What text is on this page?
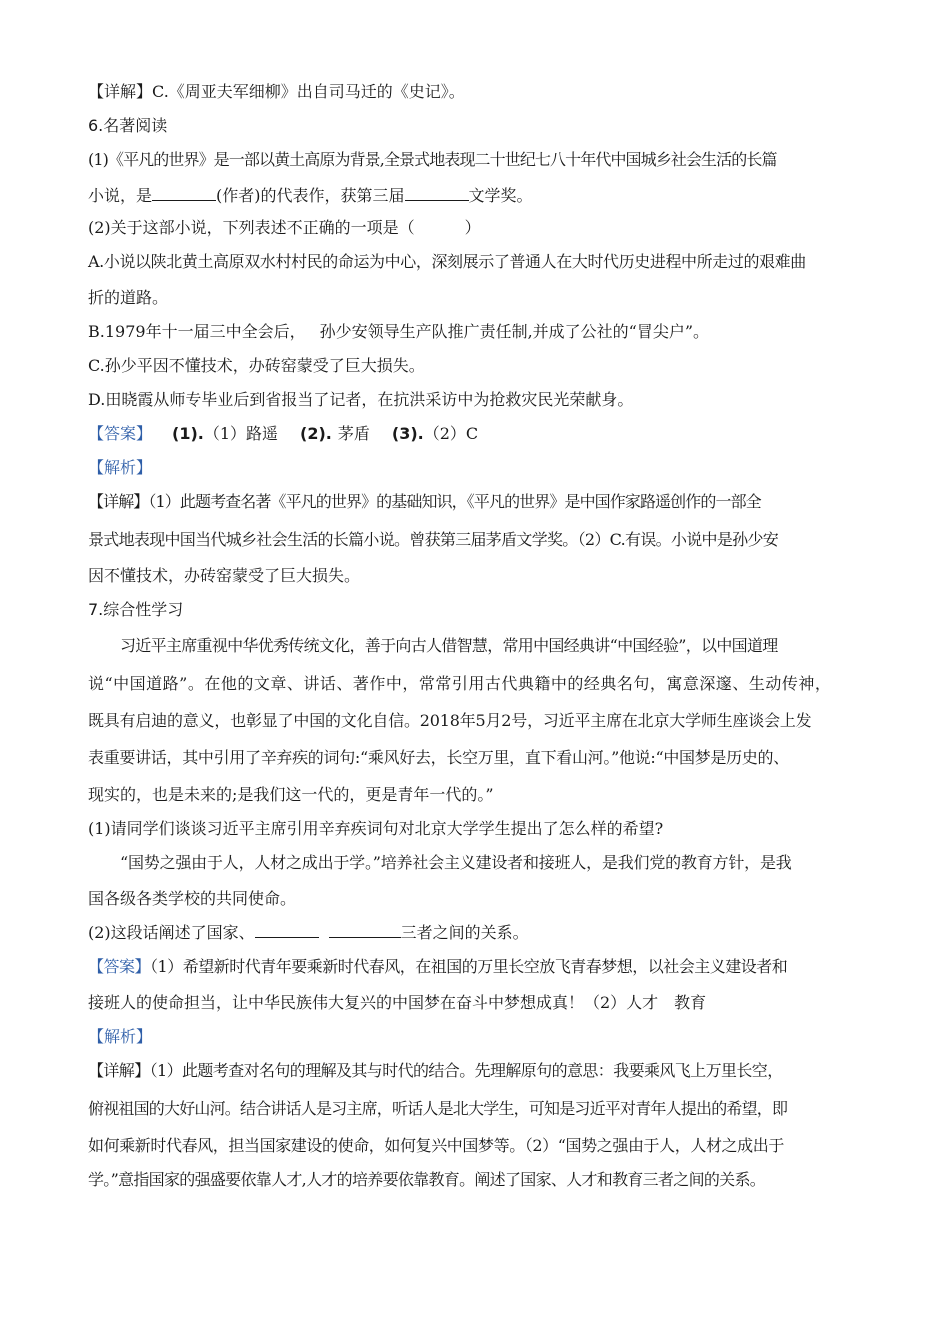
【详解】C.《周亚夫军细柳》出自司马迁的《史记》。
6.名著阅读
(1)《平凡的世界》是一部以黄土高原为背景,全景式地表现二十世纪七八十年代中国城乡社会生活的长篇
小说，是	(作者)的代表作，获第三届	文学奖。
(2)关于这部小说，下列表述不正确的一项是（	）
A.小说以陕北黄土高原双水村村民的命运为中心，深刻展示了普通人在大时代历史进程中所走过的艰难曲
折的道路。
B.1979年十一届三中全会后， 孙少安领导生产队推广责任制,并成了公社的“冒尖户”。
C.孙少平因不懂技术，办砖窑蒙受了巨大损失。
D.田晓霞从师专毕业后到省报当了记者，在抗洪采访中为抢救灾民光荣献身。
【答案】 (1).（1）路遥 (2). 茅盾 (3).（2）C
【解析】
【详解】（1）此题考查名著《平凡的世界》的基础知识，《平凡的世界》是中国作家路遥创作的一部全
景式地表现中国当代城乡社会生活的长篇小说。曾获第三届茅盾文学奖。（2）C.有误。小说中是孙少安
因不懂技术，办砖窑蒙受了巨大损失。
7.综合性学习
习近平主席重视中华优秀传统文化，善于向古人借智慧，常用中国经典讲“中国经验”，以中国道理
说“中国道路”。在他的文章、讲话、著作中，常常引用古代典籍中的经典名句，寓意深邃、生动传神，
既具有启迪的意义，也彰显了中国的文化自信。2018年5月2号，习近平主席在北京大学师生座谈会上发
表重要讲话，其中引用了辛弃疾的词句:“乘风好去，长空万里，直下看山河。”他说:“中国梦是历史的、
现实的，也是未来的;是我们这一代的，更是青年一代的。”
(1)请同学们谈谈习近平主席引用辛弃疾词句对北京大学学生提出了怎么样的希望?
“国势之强由于人，人材之成出于学。”培养社会主义建设者和接班人，是我们党的教育方针，是我
国各级各类学校的共同使命。
(2)这段话阐述了国家、	三者之间的关系。
【答案】（1）希望新时代青年要乘新时代春风，在祖国的万里长空放飞青春梦想，以社会主义建设者和
接班人的使命担当，让中华民族伟大复兴的中国梦在奋斗中梦想成真！（2）人才　教育
【解析】
【详解】（1）此题考查对名句的理解及其与时代的结合。先理解原句的意思：我要乘风飞上万里长空，
俯视祖国的大好山河。结合讲话人是习主席，听话人是北大学生，可知是习近平对青年人提出的希望，即
如何乘新时代春风，担当国家建设的使命，如何复兴中国梦等。（2）“国势之强由于人，人材之成出于
学。”意指国家的强盛要依靠人才,人才的培养要依靠教育。阐述了国家、人才和教育三者之间的关系。
